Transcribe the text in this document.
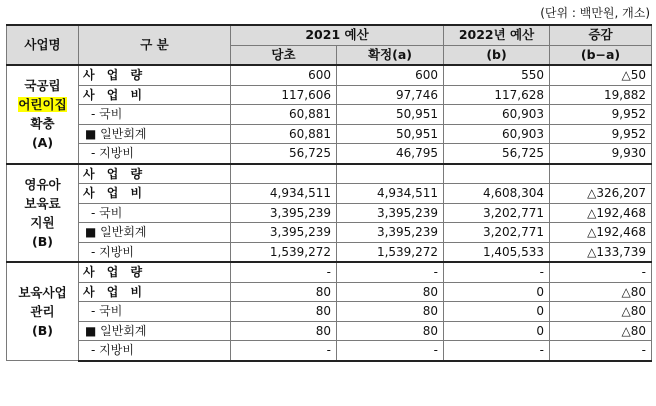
(단위 : 백만원, 개소)
사업명	구 분	2021 예산		2022년 예산	증감
		당초	확정(a)	(b)	(b−a)

국공립
어린이집
확충
(A)	사 업 량	600	600	550	△50
	사 업 비	117,606	97,746	117,628	19,882
	- 국비	60,881	50,951	60,903	9,952
	■ 일반회계	60,881	50,951	60,903	9,952
	- 지방비	56,725	46,795	56,725	9,930

영유아
보육료
지원
(B)	사 업 량				
	사 업 비	4,934,511	4,934,511	4,608,304	△326,207
	- 국비	3,395,239	3,395,239	3,202,771	△192,468
	■ 일반회계	3,395,239	3,395,239	3,202,771	△192,468
	- 지방비	1,539,272	1,539,272	1,405,533	△133,739

보육사업
관리
(B)	사 업 량	-	-	-	-
	사 업 비	80	80	0	△80
	- 국비	80	80	0	△80
	■ 일반회계	80	80	0	△80
	- 지방비	-	-	-	-
